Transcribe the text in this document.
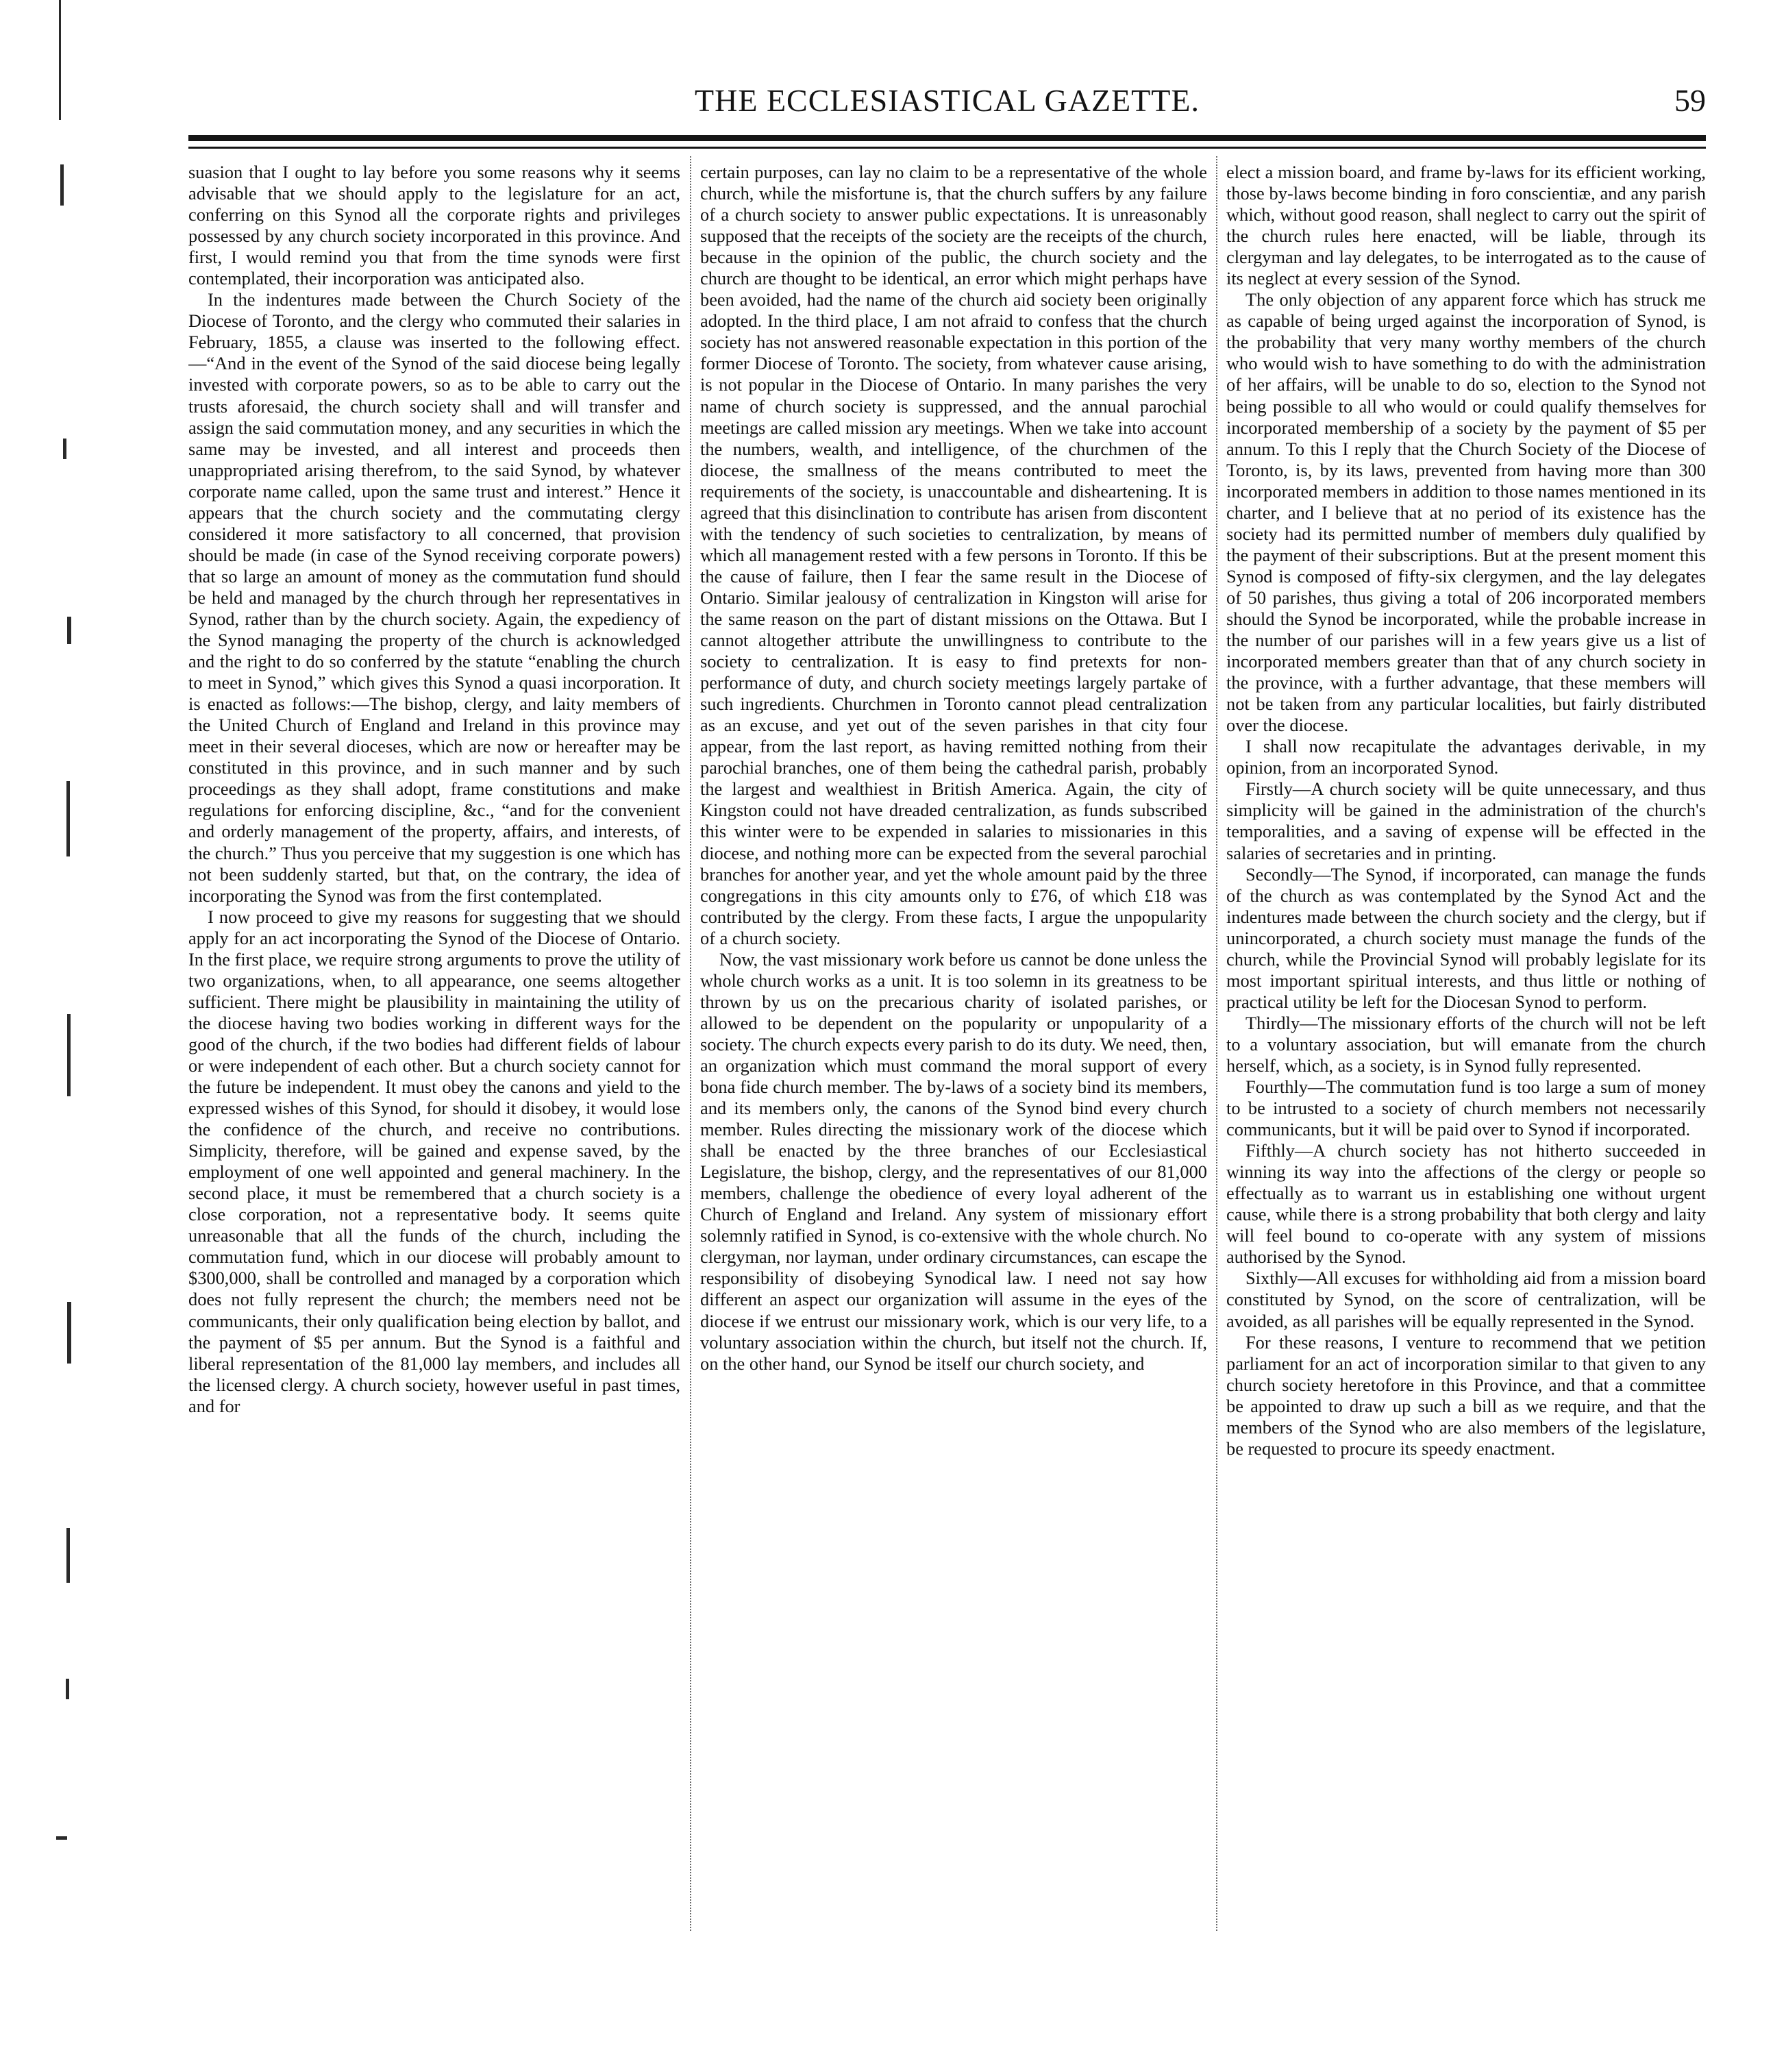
THE ECCLESIASTICAL GAZETTE.	59

suasion that I ought to lay before you some reasons why it seems advisable that we should apply to the legislature for an act, conferring on this Synod all the corporate rights and privileges possessed by any church society incorporated in this province. And first, I would remind you that from the time synods were first contemplated, their incorporation was anticipated also.

In the indentures made between the Church Society of the Diocese of Toronto, and the clergy who commuted their salaries in February, 1855, a clause was inserted to the following effect.—“And in the event of the Synod of the said diocese being legally invested with corporate powers, so as to be able to carry out the trusts aforesaid, the church society shall and will transfer and assign the said commutation money, and any securities in which the same may be invested, and all interest and proceeds then unappropriated arising therefrom, to the said Synod, by whatever corporate name called, upon the same trust and interest.” Hence it appears that the church society and the commutating clergy considered it more satisfactory to all concerned, that provision should be made (in case of the Synod receiving corporate powers) that so large an amount of money as the commutation fund should be held and managed by the church through her representatives in Synod, rather than by the church society. Again, the expediency of the Synod managing the property of the church is acknowledged and the right to do so conferred by the statute “enabling the church to meet in Synod,” which gives this Synod a quasi incorporation. It is enacted as follows:—The bishop, clergy, and laity members of the United Church of England and Ireland in this province may meet in their several dioceses, which are now or hereafter may be constituted in this province, and in such manner and by such proceedings as they shall adopt, frame constitutions and make regulations for enforcing discipline, &c., “and for the convenient and orderly management of the property, affairs, and interests, of the church.” Thus you perceive that my suggestion is one which has not been suddenly started, but that, on the contrary, the idea of incorporating the Synod was from the first contemplated.

I now proceed to give my reasons for suggesting that we should apply for an act incorporating the Synod of the Diocese of Ontario. In the first place, we require strong arguments to prove the utility of two organizations, when, to all appearance, one seems altogether sufficient. There might be plausibility in maintaining the utility of the diocese having two bodies working in different ways for the good of the church, if the two bodies had different fields of labour or were independent of each other. But a church society cannot for the future be independent. It must obey the canons and yield to the expressed wishes of this Synod, for should it disobey, it would lose the confidence of the church, and receive no contributions. Simplicity, therefore, will be gained and expense saved, by the employment of one well appointed and general machinery. In the second place, it must be remembered that a church society is a close corporation, not a representative body. It seems quite unreasonable that all the funds of the church, including the commutation fund, which in our diocese will probably amount to $300,000, shall be controlled and managed by a corporation which does not fully represent the church; the members need not be communicants, their only qualification being election by ballot, and the payment of $5 per annum. But the Synod is a faithful and liberal representation of the 81,000 lay members, and includes all the licensed clergy. A church society, however useful in past times, and for

certain purposes, can lay no claim to be a representative of the whole church, while the misfortune is, that the church suffers by any failure of a church society to answer public expectations. It is unreasonably supposed that the receipts of the society are the receipts of the church, because in the opinion of the public, the church society and the church are thought to be identical, an error which might perhaps have been avoided, had the name of the church aid society been originally adopted. In the third place, I am not afraid to confess that the church society has not answered reasonable expectation in this portion of the former Diocese of Toronto. The society, from whatever cause arising, is not popular in the Diocese of Ontario. In many parishes the very name of church society is suppressed, and the annual parochial meetings are called mission ary meetings. When we take into account the numbers, wealth, and intelligence, of the churchmen of the diocese, the smallness of the means contributed to meet the requirements of the society, is unaccountable and disheartening. It is agreed that this disinclination to contribute has arisen from discontent with the tendency of such societies to centralization, by means of which all management rested with a few persons in Toronto. If this be the cause of failure, then I fear the same result in the Diocese of Ontario. Similar jealousy of centralization in Kingston will arise for the same reason on the part of distant missions on the Ottawa. But I cannot altogether attribute the unwillingness to contribute to the society to centralization. It is easy to find pretexts for non-performance of duty, and church society meetings largely partake of such ingredients. Churchmen in Toronto cannot plead centralization as an excuse, and yet out of the seven parishes in that city four appear, from the last report, as having remitted nothing from their parochial branches, one of them being the cathedral parish, probably the largest and wealthiest in British America. Again, the city of Kingston could not have dreaded centralization, as funds subscribed this winter were to be expended in salaries to missionaries in this diocese, and nothing more can be expected from the several parochial branches for another year, and yet the whole amount paid by the three congregations in this city amounts only to £76, of which £18 was contributed by the clergy. From these facts, I argue the unpopularity of a church society.

Now, the vast missionary work before us cannot be done unless the whole church works as a unit. It is too solemn in its greatness to be thrown by us on the precarious charity of isolated parishes, or allowed to be dependent on the popularity or unpopularity of a society. The church expects every parish to do its duty. We need, then, an organization which must command the moral support of every bona fide church member. The by-laws of a society bind its members, and its members only, the canons of the Synod bind every church member. Rules directing the missionary work of the diocese which shall be enacted by the three branches of our Ecclesiastical Legislature, the bishop, clergy, and the representatives of our 81,000 members, challenge the obedience of every loyal adherent of the Church of England and Ireland. Any system of missionary effort solemnly ratified in Synod, is co-extensive with the whole church. No clergyman, nor layman, under ordinary circumstances, can escape the responsibility of disobeying Synodical law. I need not say how different an aspect our organization will assume in the eyes of the diocese if we entrust our missionary work, which is our very life, to a voluntary association within the church, but itself not the church. If, on the other hand, our Synod be itself our church society, and

elect a mission board, and frame by-laws for its efficient working, those by-laws become binding in foro conscientiæ, and any parish which, without good reason, shall neglect to carry out the spirit of the church rules here enacted, will be liable, through its clergyman and lay delegates, to be interrogated as to the cause of its neglect at every session of the Synod.

The only objection of any apparent force which has struck me as capable of being urged against the incorporation of Synod, is the probability that very many worthy members of the church who would wish to have something to do with the administration of her affairs, will be unable to do so, election to the Synod not being possible to all who would or could qualify themselves for incorporated membership of a society by the payment of $5 per annum. To this I reply that the Church Society of the Diocese of Toronto, is, by its laws, prevented from having more than 300 incorporated members in addition to those names mentioned in its charter, and I believe that at no period of its existence has the society had its permitted number of members duly qualified by the payment of their subscriptions. But at the present moment this Synod is composed of fifty-six clergymen, and the lay delegates of 50 parishes, thus giving a total of 206 incorporated members should the Synod be incorporated, while the probable increase in the number of our parishes will in a few years give us a list of incorporated members greater than that of any church society in the province, with a further advantage, that these members will not be taken from any particular localities, but fairly distributed over the diocese.

I shall now recapitulate the advantages derivable, in my opinion, from an incorporated Synod.

Firstly—A church society will be quite unnecessary, and thus simplicity will be gained in the administration of the church's temporalities, and a saving of expense will be effected in the salaries of secretaries and in printing.

Secondly—The Synod, if incorporated, can manage the funds of the church as was contemplated by the Synod Act and the indentures made between the church society and the clergy, but if unincorporated, a church society must manage the funds of the church, while the Provincial Synod will probably legislate for its most important spiritual interests, and thus little or nothing of practical utility be left for the Diocesan Synod to perform.

Thirdly—The missionary efforts of the church will not be left to a voluntary association, but will emanate from the church herself, which, as a society, is in Synod fully represented.

Fourthly—The commutation fund is too large a sum of money to be intrusted to a society of church members not necessarily communicants, but it will be paid over to Synod if incorporated.

Fifthly—A church society has not hitherto succeeded in winning its way into the affections of the clergy or people so effectually as to warrant us in establishing one without urgent cause, while there is a strong probability that both clergy and laity will feel bound to co-operate with any system of missions authorised by the Synod.

Sixthly—All excuses for withholding aid from a mission board constituted by Synod, on the score of centralization, will be avoided, as all parishes will be equally represented in the Synod.

For these reasons, I venture to recommend that we petition parliament for an act of incorporation similar to that given to any church society heretofore in this Province, and that a committee be appointed to draw up such a bill as we require, and that the members of the Synod who are also members of the legislature, be requested to procure its speedy enactment.
